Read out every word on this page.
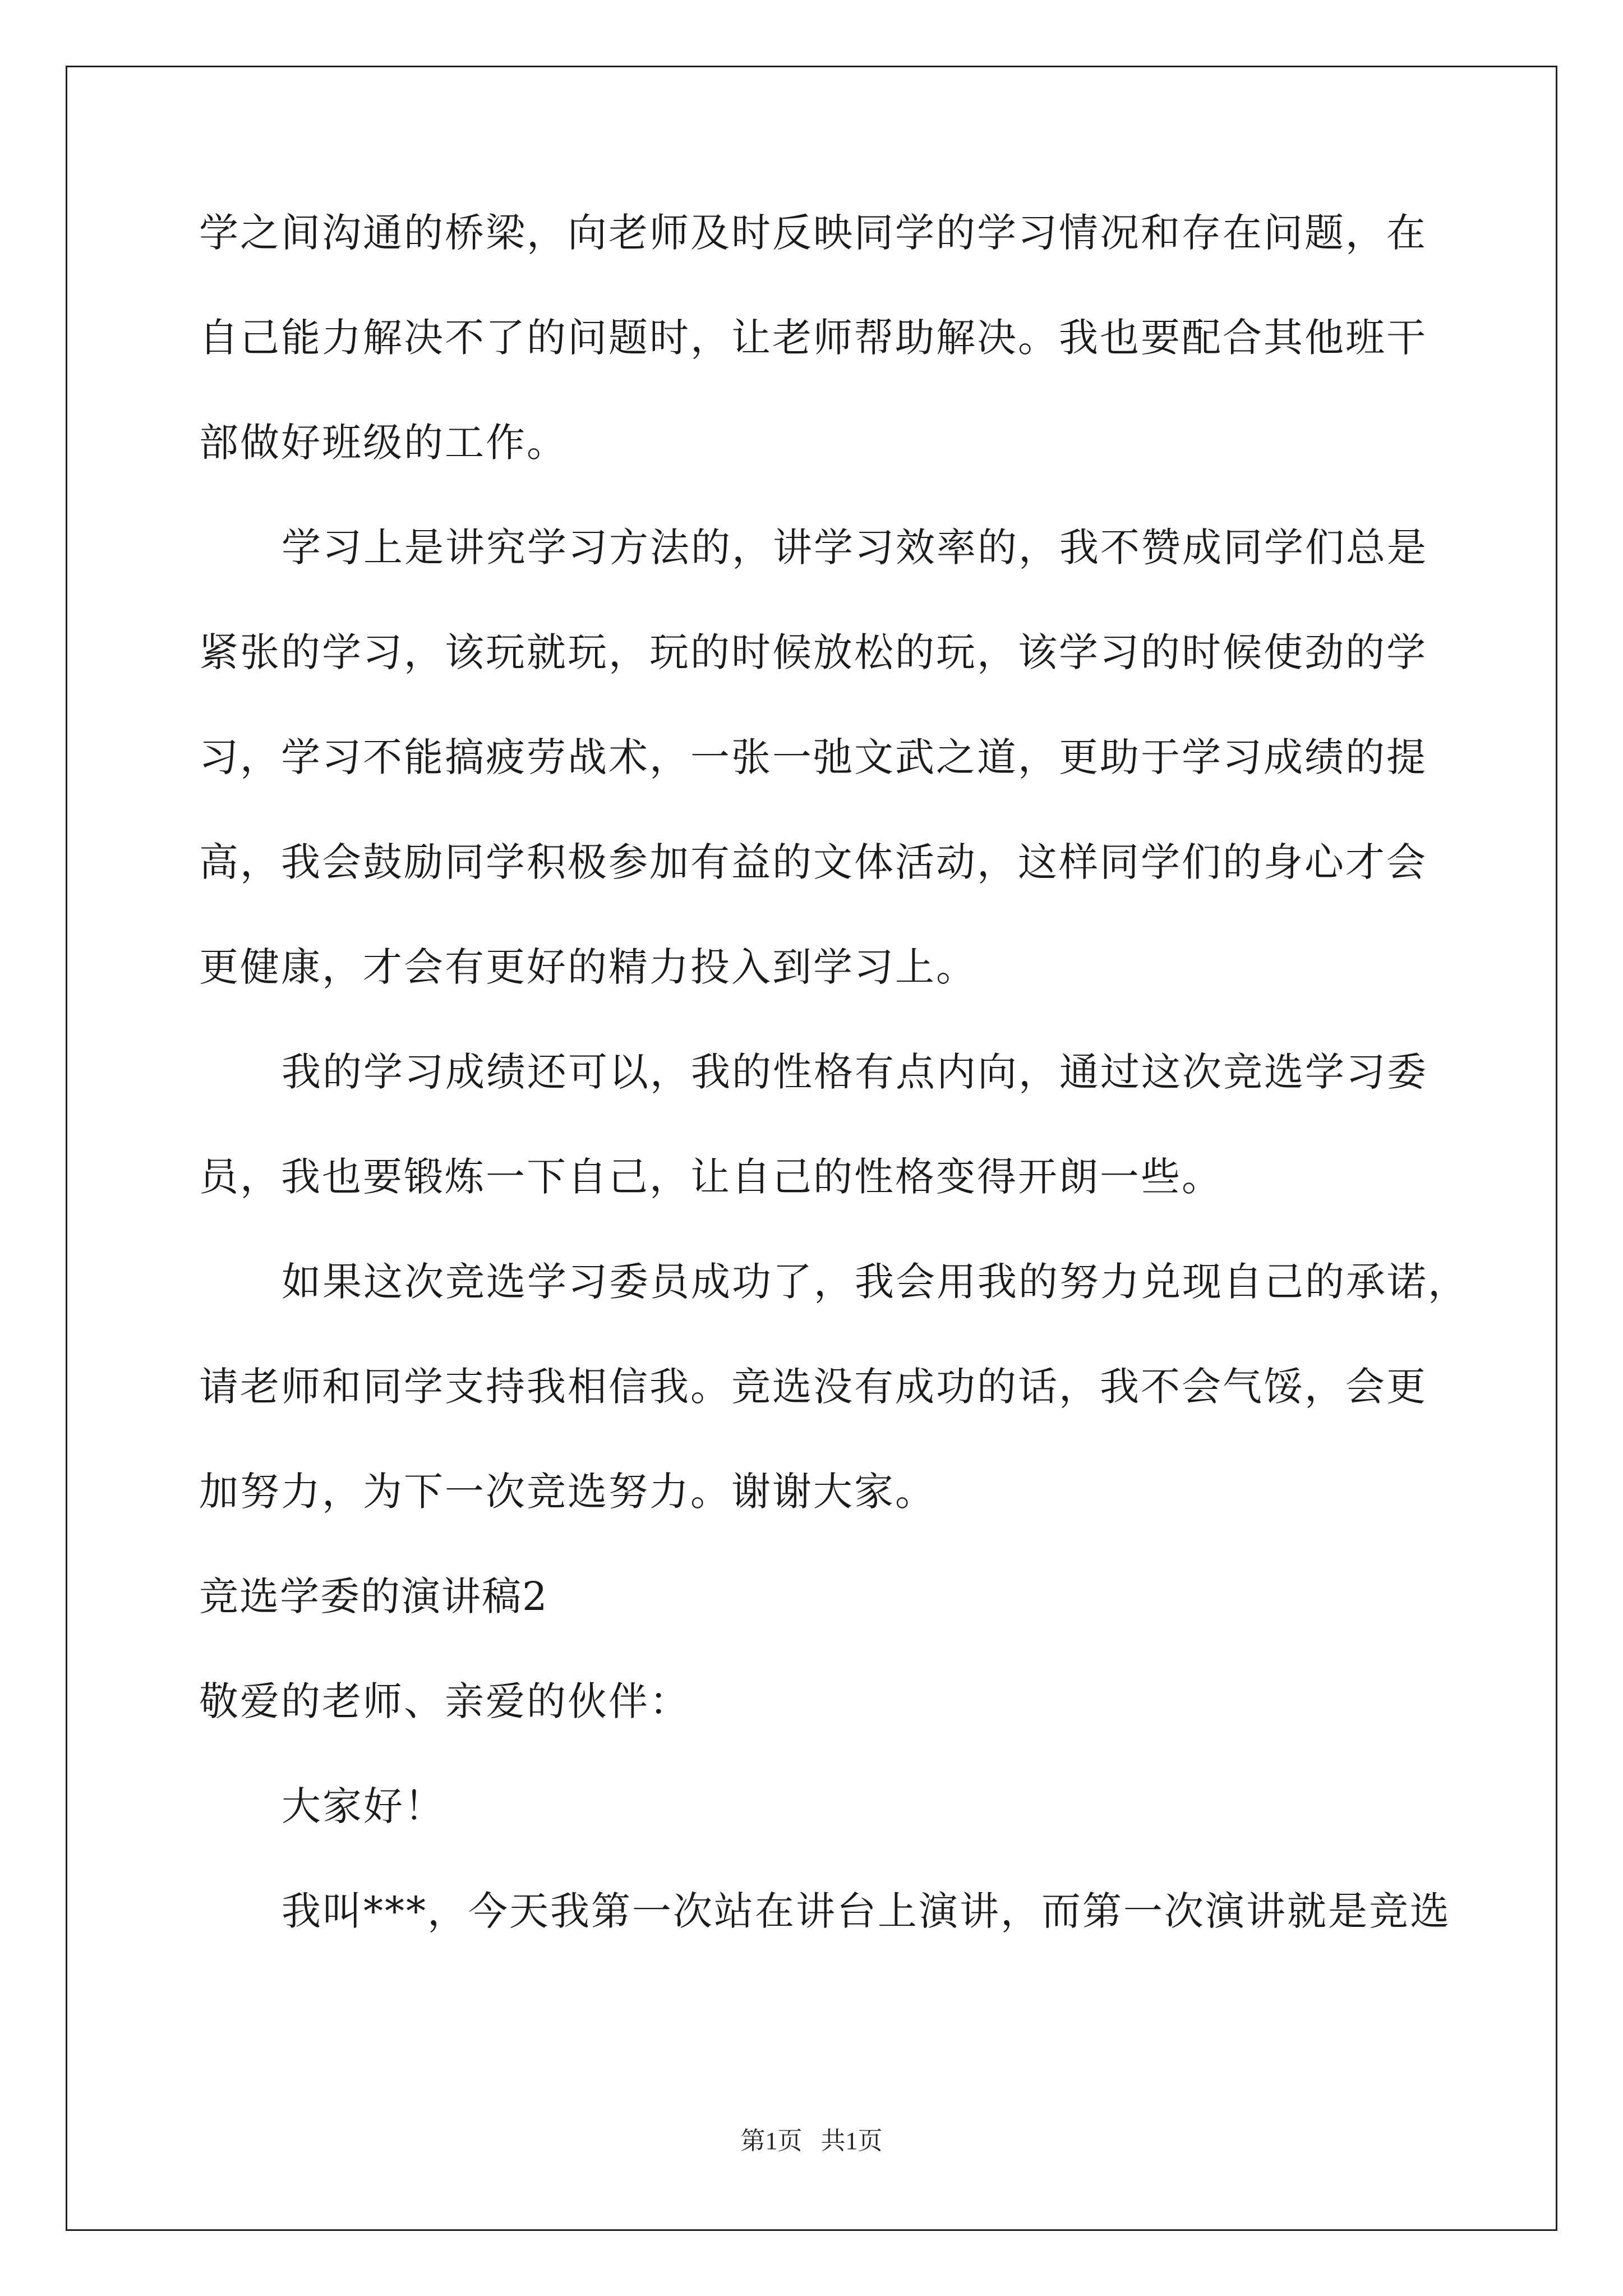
学之间沟通的桥梁，向老师及时反映同学的学习情况和存在问题，在
自己能力解决不了的问题时，让老师帮助解决。我也要配合其他班干
部做好班级的工作。
学习上是讲究学习方法的，讲学习效率的，我不赞成同学们总是
紧张的学习，该玩就玩，玩的时候放松的玩，该学习的时候使劲的学
习，学习不能搞疲劳战术，一张一弛文武之道，更助于学习成绩的提
高，我会鼓励同学积极参加有益的文体活动，这样同学们的身心才会
更健康，才会有更好的精力投入到学习上。
我的学习成绩还可以，我的性格有点内向，通过这次竞选学习委
员，我也要锻炼一下自己，让自己的性格变得开朗一些。
如果这次竞选学习委员成功了，我会用我的努力兑现自己的承诺，
请老师和同学支持我相信我。竞选没有成功的话，我不会气馁，会更
加努力，为下一次竞选努力。谢谢大家。
竞选学委的演讲稿2
敬爱的老师、亲爱的伙伴：
大家好！
我叫***，今天我第一次站在讲台上演讲，而第一次演讲就是竞选
第1页   共1页
